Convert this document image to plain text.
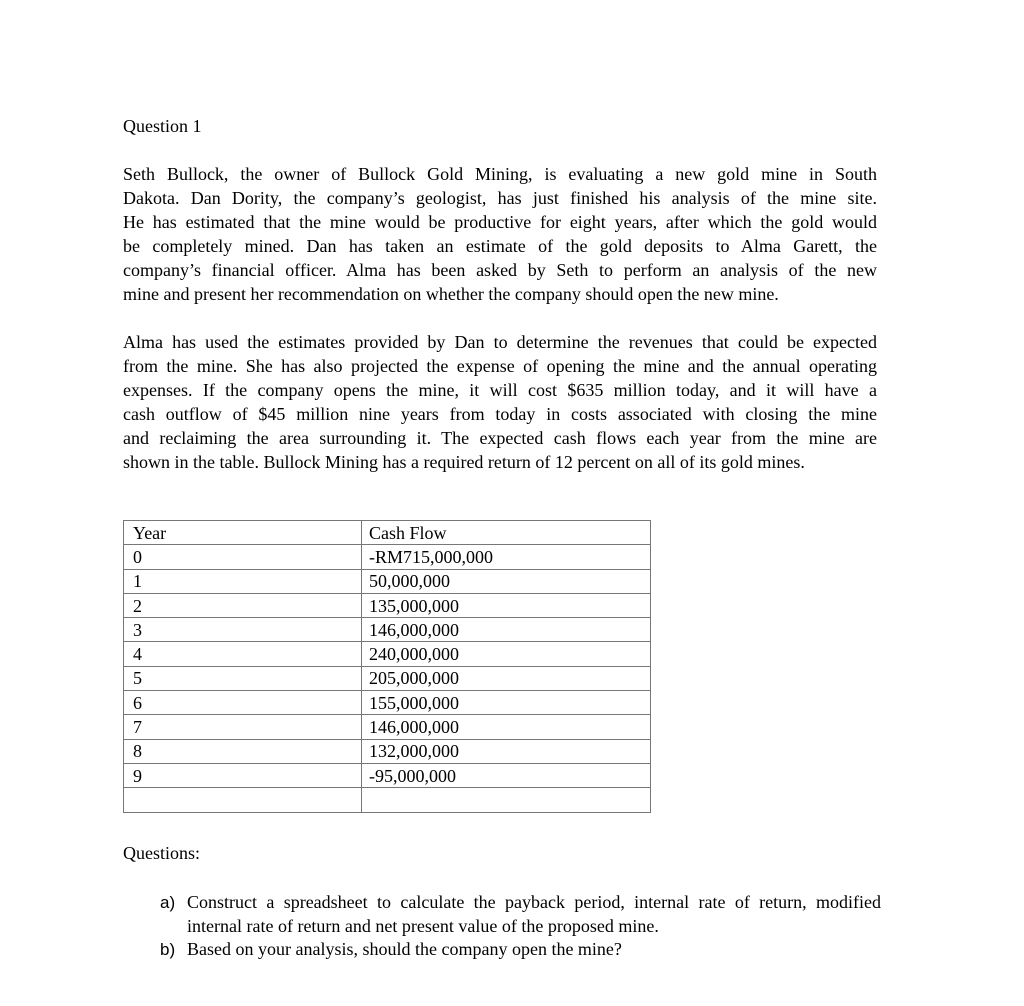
Question 1
Seth Bullock, the owner of Bullock Gold Mining, is evaluating a new gold mine in South
Dakota. Dan Dority, the company’s geologist, has just finished his analysis of the mine site.
He has estimated that the mine would be productive for eight years, after which the gold would
be completely mined. Dan has taken an estimate of the gold deposits to Alma Garett, the
company’s financial officer. Alma has been asked by Seth to perform an analysis of the new
mine and present her recommendation on whether the company should open the new mine.
Alma has used the estimates provided by Dan to determine the revenues that could be expected
from the mine. She has also projected the expense of opening the mine and the annual operating
expenses. If the company opens the mine, it will cost $635 million today, and it will have a
cash outflow of $45 million nine years from today in costs associated with closing the mine
and reclaiming the area surrounding it. The expected cash flows each year from the mine are
shown in the table. Bullock Mining has a required return of 12 percent on all of its gold mines.
Year	Cash Flow
0	-RM715,000,000
1	50,000,000
2	135,000,000
3	146,000,000
4	240,000,000
5	205,000,000
6	155,000,000
7	146,000,000
8	132,000,000
9	-95,000,000

Questions:
a) Construct a spreadsheet to calculate the payback period, internal rate of return, modified
internal rate of return and net present value of the proposed mine.
b) Based on your analysis, should the company open the mine?
